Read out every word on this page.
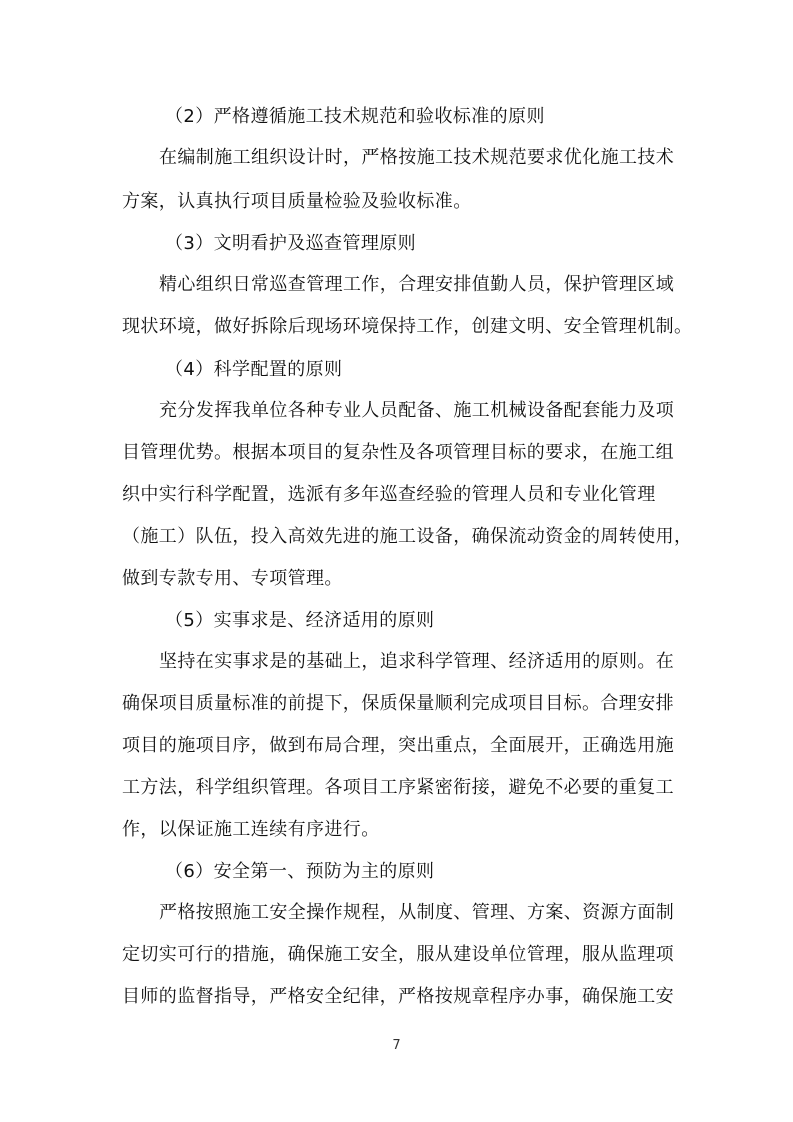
（2）严格遵循施工技术规范和验收标准的原则
在编制施工组织设计时，严格按施工技术规范要求优化施工技术
方案，认真执行项目质量检验及验收标准。
（3）文明看护及巡查管理原则
精心组织日常巡查管理工作，合理安排值勤人员，保护管理区域
现状环境，做好拆除后现场环境保持工作，创建文明、安全管理机制。
（4）科学配置的原则
充分发挥我单位各种专业人员配备、施工机械设备配套能力及项
目管理优势。根据本项目的复杂性及各项管理目标的要求，在施工组
织中实行科学配置，选派有多年巡查经验的管理人员和专业化管理
（施工）队伍，投入高效先进的施工设备，确保流动资金的周转使用，
做到专款专用、专项管理。
（5）实事求是、经济适用的原则
坚持在实事求是的基础上，追求科学管理、经济适用的原则。在
确保项目质量标准的前提下，保质保量顺利完成项目目标。合理安排
项目的施项目序，做到布局合理，突出重点，全面展开，正确选用施
工方法，科学组织管理。各项目工序紧密衔接，避免不必要的重复工
作，以保证施工连续有序进行。
（6）安全第一、预防为主的原则
严格按照施工安全操作规程，从制度、管理、方案、资源方面制
定切实可行的措施，确保施工安全，服从建设单位管理，服从监理项
目师的监督指导，严格安全纪律，严格按规章程序办事，确保施工安
7
